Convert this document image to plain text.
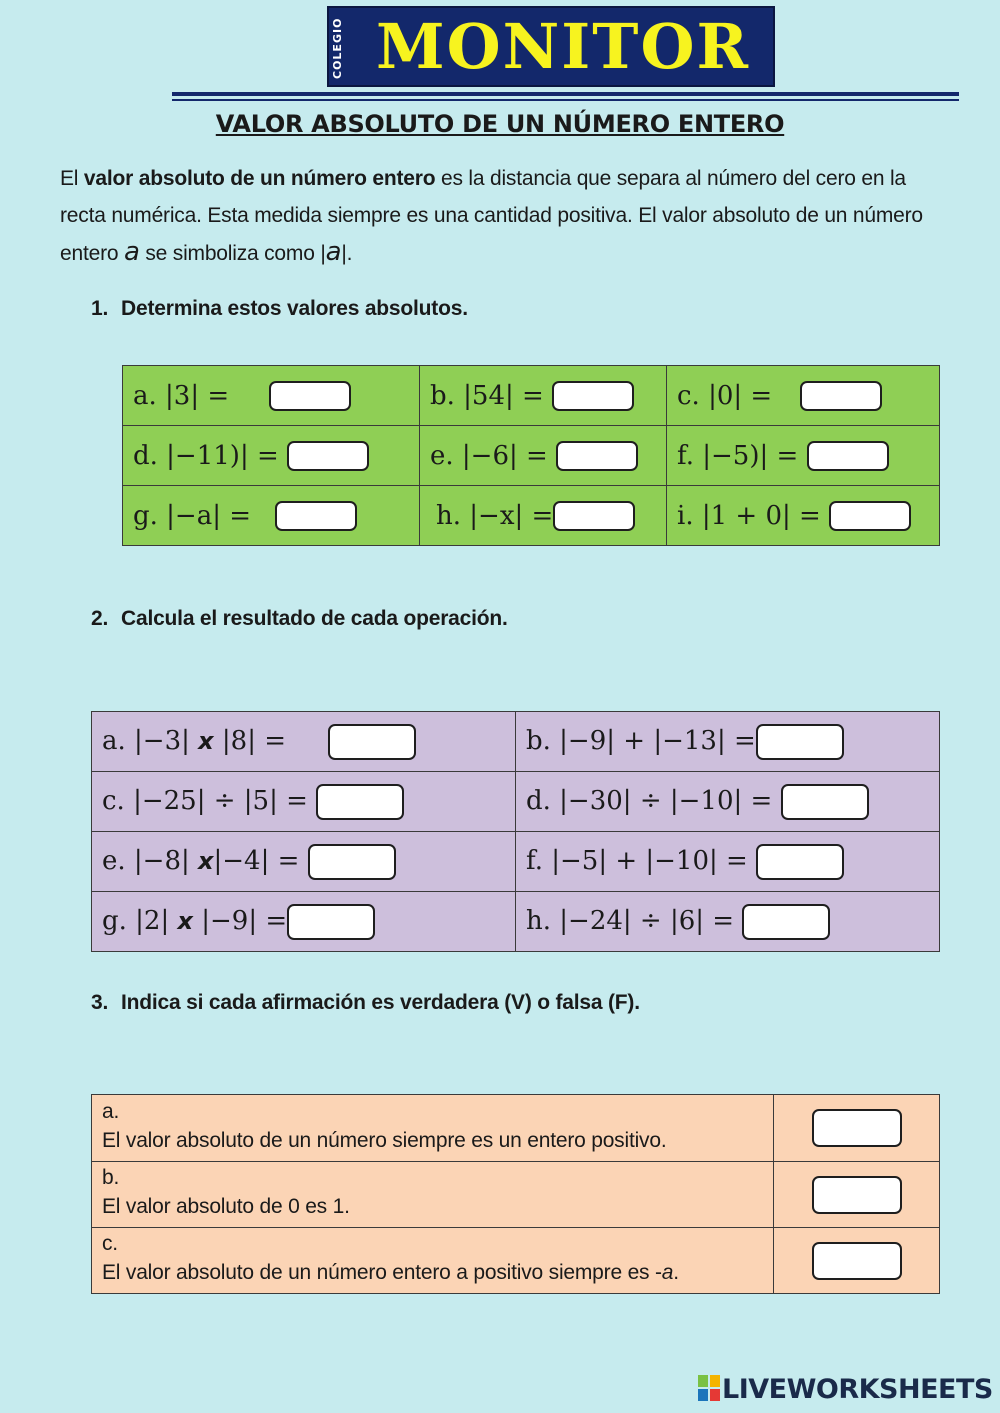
COLEGIO MONITOR
VALOR ABSOLUTO DE UN NÚMERO ENTERO
El valor absoluto de un número entero es la distancia que separa al número del cero en la recta numérica. Esta medida siempre es una cantidad positiva. El valor absoluto de un número entero a se simboliza como |a|.
1. Determina estos valores absolutos.
a. |3| =	b. |54| =	c. |0| =
d. |−11)| =	e. |−6| =	f. |−5)| =
g. |−a| =	h. |−x| =	i. |1 + 0| =
2. Calcula el resultado de cada operación.
a. |−3| x |8| =	b. |−9| + |−13| =
c. |−25| ÷ |5| =	d. |−30| ÷ |−10| =
e. |−8| x|−4| =	f. |−5| + |−10| =
g. |2| x |−9| =	h. |−24| ÷ |6| =
3. Indica si cada afirmación es verdadera (V) o falsa (F).
a.El valor absoluto de un número siempre es un entero positivo.	
b.El valor absoluto de 0 es 1.	
c.El valor absoluto de un número entero a positivo siempre es -a.	
LIVEWORKSHEETS
